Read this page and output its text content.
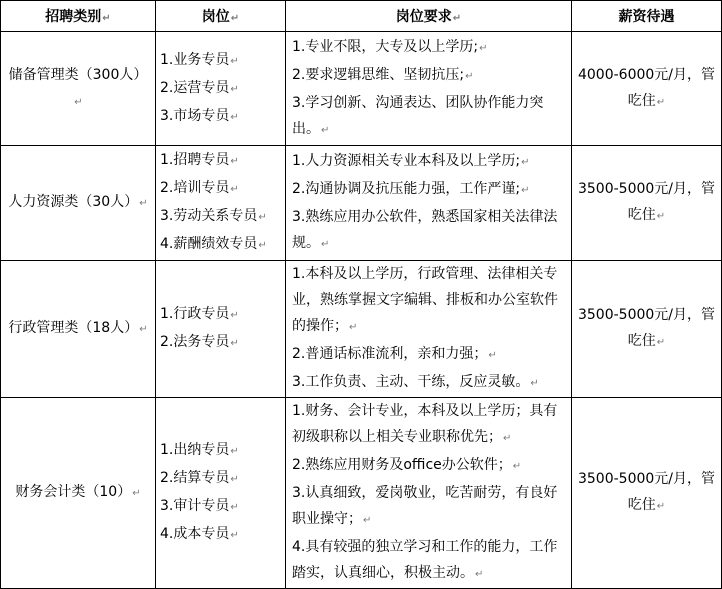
招聘类别↵	岗位↵	岗位要求↵	薪资待遇
储备管理类（300人）↵	1.业务专员↵
2.运营专员↵
3.市场专员↵	1.专业不限，大专及以上学历;↵
2.要求逻辑思维、坚韧抗压;↵
3.学习创新、沟通表达、团队协作能力突出。↵	4000-6000元/月，管吃住↵
人力资源类（30人）↵	1.招聘专员↵
2.培训专员↵
3.劳动关系专员↵
4.薪酬绩效专员↵	1.人力资源相关专业本科及以上学历;↵
2.沟通协调及抗压能力强，工作严谨;↵
3.熟练应用办公软件，熟悉国家相关法律法规。↵	3500-5000元/月，管吃住↵
行政管理类（18人）↵	1.行政专员↵
2.法务专员↵	1.本科及以上学历，行政管理、法律相关专业，熟练掌握文字编辑、排板和办公室软件的操作；↵
2.普通话标准流利，亲和力强；↵
3.工作负责、主动、干练，反应灵敏。↵	3500-5000元/月，管吃住↵
财务会计类（10）↵	1.出纳专员↵
2.结算专员↵
3.审计专员↵
4.成本专员↵	1.财务、会计专业，本科及以上学历；具有初级职称以上相关专业职称优先；↵
2.熟练应用财务及office办公软件；↵
3.认真细致，爱岗敬业，吃苦耐劳，有良好职业操守；↵
4.具有较强的独立学习和工作的能力，工作踏实，认真细心，积极主动。↵	3500-5000元/月，管吃住↵
